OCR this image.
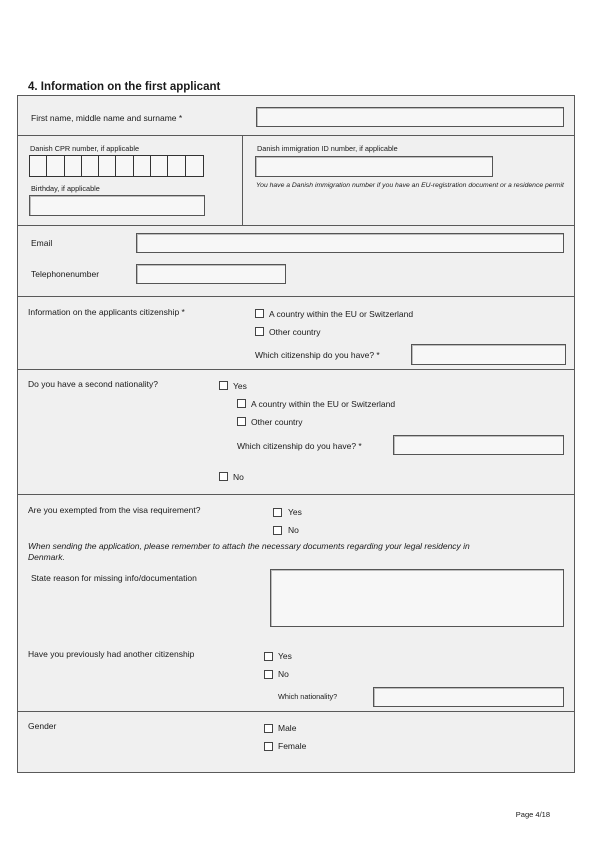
4. Information on the first applicant
First name, middle name and surname *
Danish CPR number, if applicable
Birthday, if applicable
Danish immigration ID number, if applicable
You have a Danish immigration number if you have an EU-registration document or a residence permit
Email
Telephonenumber
Information on the applicants citizenship *	A country within the EU or Switzerland
Other country
Which citizenship do you have? *
Do you have a second nationality?	Yes
A country within the EU or Switzerland
Other country
Which citizenship do you have? *
No
Are you exempted from the visa requirement?	Yes
No
When sending the application, please remember to attach the necessary documents regarding your legal residency in
Denmark.
State reason for missing info/documentation
Have you previously had another citizenship	Yes
No
Which nationality?
Gender	Male
Female
Page 4/18
